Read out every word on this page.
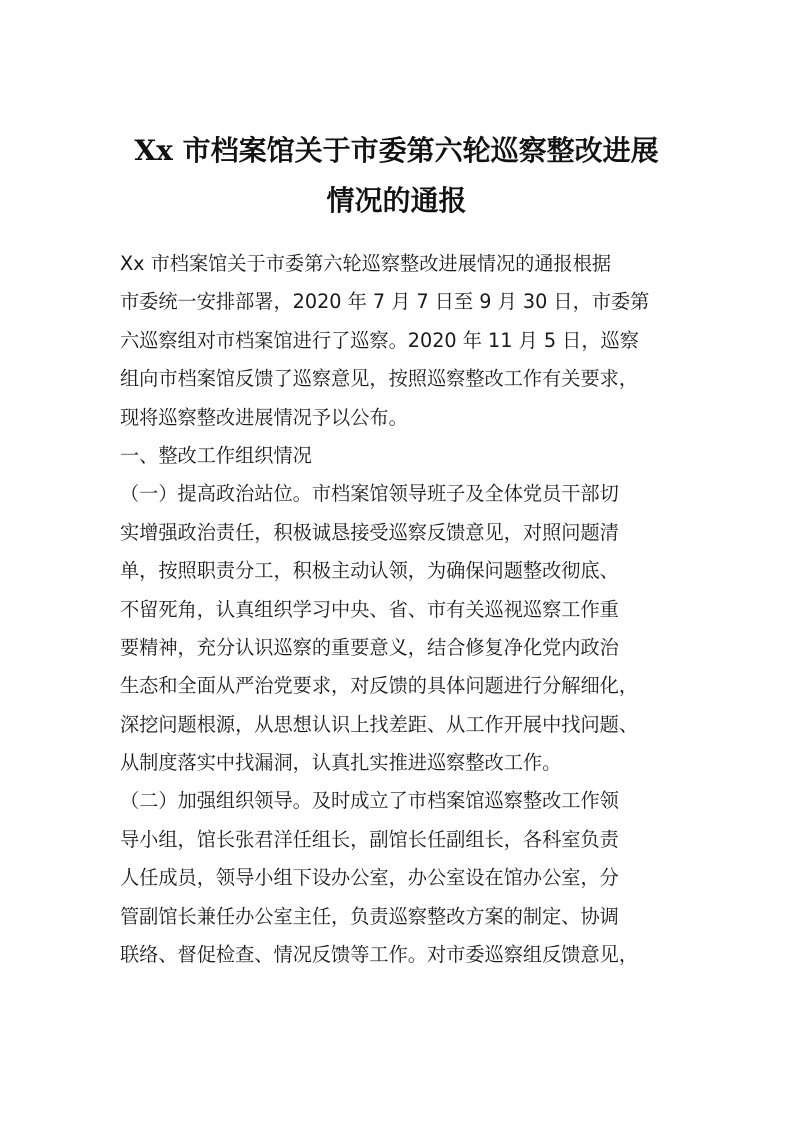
Xx 市档案馆关于市委第六轮巡察整改进展
情况的通报
Xx 市档案馆关于市委第六轮巡察整改进展情况的通报根据
市委统一安排部署，2020 年 7 月 7 日至 9 月 30 日，市委第
六巡察组对市档案馆进行了巡察。2020 年 11 月 5 日，巡察
组向市档案馆反馈了巡察意见，按照巡察整改工作有关要求，
现将巡察整改进展情况予以公布。
一、整改工作组织情况
（一）提高政治站位。市档案馆领导班子及全体党员干部切
实增强政治责任，积极诚恳接受巡察反馈意见，对照问题清
单，按照职责分工，积极主动认领，为确保问题整改彻底、
不留死角，认真组织学习中央、省、市有关巡视巡察工作重
要精神，充分认识巡察的重要意义，结合修复净化党内政治
生态和全面从严治党要求，对反馈的具体问题进行分解细化，
深挖问题根源，从思想认识上找差距、从工作开展中找问题、
从制度落实中找漏洞，认真扎实推进巡察整改工作。
（二）加强组织领导。及时成立了市档案馆巡察整改工作领
导小组，馆长张君洋任组长，副馆长任副组长，各科室负责
人任成员，领导小组下设办公室，办公室设在馆办公室，分
管副馆长兼任办公室主任，负责巡察整改方案的制定、协调
联络、督促检查、情况反馈等工作。对市委巡察组反馈意见，
